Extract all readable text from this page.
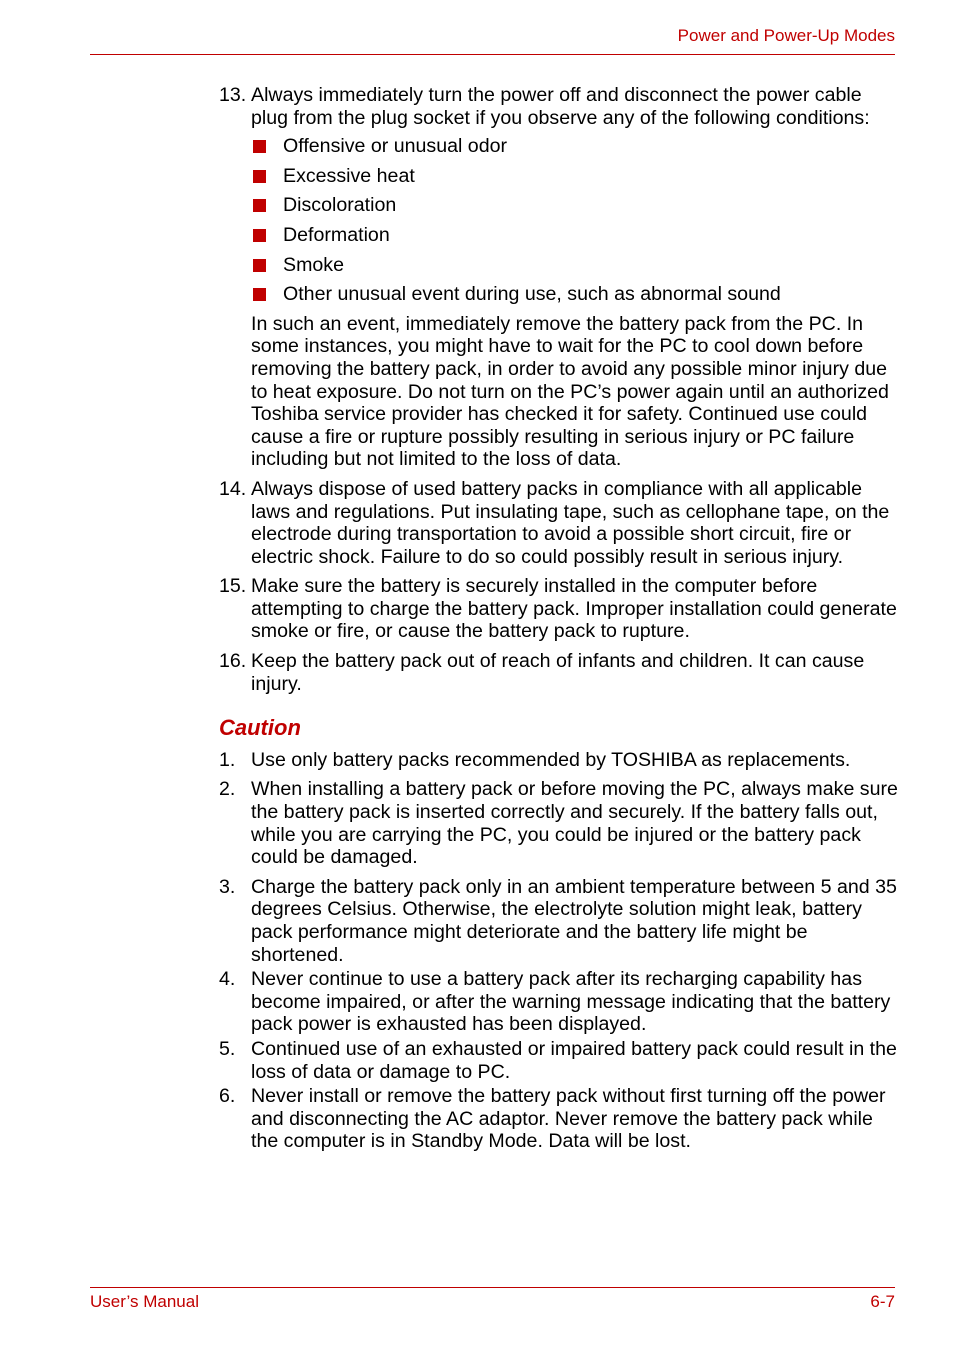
Power and Power-Up Modes
13. Always immediately turn the power off and disconnect the power cable plug from the plug socket if you observe any of the following conditions:
Offensive or unusual odor
Excessive heat
Discoloration
Deformation
Smoke
Other unusual event during use, such as abnormal sound
In such an event, immediately remove the battery pack from the PC. In some instances, you might have to wait for the PC to cool down before removing the battery pack, in order to avoid any possible minor injury due to heat exposure. Do not turn on the PC’s power again until an authorized Toshiba service provider has checked it for safety. Continued use could cause a fire or rupture possibly resulting in serious injury or PC failure including but not limited to the loss of data.
14. Always dispose of used battery packs in compliance with all applicable laws and regulations. Put insulating tape, such as cellophane tape, on the electrode during transportation to avoid a possible short circuit, fire or electric shock. Failure to do so could possibly result in serious injury.
15. Make sure the battery is securely installed in the computer before attempting to charge the battery pack. Improper installation could generate smoke or fire, or cause the battery pack to rupture.
16. Keep the battery pack out of reach of infants and children. It can cause injury.
Caution
1. Use only battery packs recommended by TOSHIBA as replacements.
2. When installing a battery pack or before moving the PC, always make sure the battery pack is inserted correctly and securely. If the battery falls out, while you are carrying the PC, you could be injured or the battery pack could be damaged.
3. Charge the battery pack only in an ambient temperature between 5 and 35 degrees Celsius. Otherwise, the electrolyte solution might leak, battery pack performance might deteriorate and the battery life might be shortened.
4. Never continue to use a battery pack after its recharging capability has become impaired, or after the warning message indicating that the battery pack power is exhausted has been displayed.
5. Continued use of an exhausted or impaired battery pack could result in the loss of data or damage to PC.
6. Never install or remove the battery pack without first turning off the power and disconnecting the AC adaptor. Never remove the battery pack while the computer is in Standby Mode. Data will be lost.
User’s Manual	6-7
